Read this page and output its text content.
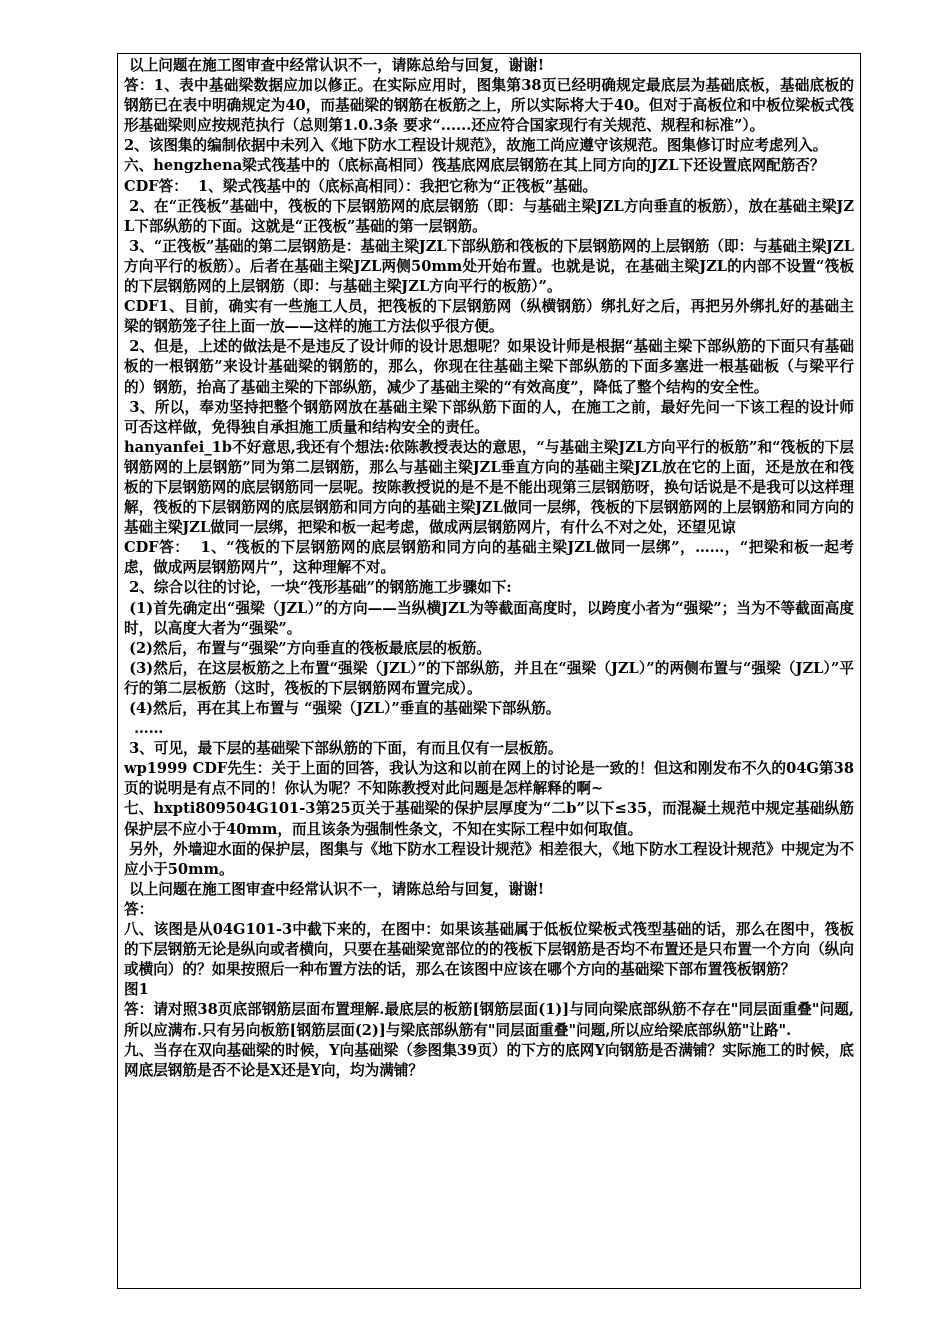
以上问题在施工图审查中经常认识不一，请陈总给与回复，谢谢!

答：1、表中基础梁数据应加以修正。在实际应用时，图集第38页已经明确规定最底层为基础底板，基础底板的钢筋已在表中明确规定为40，而基础梁的钢筋在板筋之上，所以实际将大于40。但对于高板位和中板位梁板式筏形基础梁则应按规范执行（总则第1.0.3条 要求“......还应符合国家现行有关规范、规程和标准”）。

2、该图集的编制依据中未列入《地下防水工程设计规范》，故施工尚应遵守该规范。图集修订时应考虑列入。

六、hengzhena梁式筏基中的（底标高相同）筏基底网底层钢筋在其上同方向的JZL下还设置底网配筋否？

CDF答：  1、梁式筏基中的（底标高相同）：我把它称为“正筏板”基础。

2、在“正筏板”基础中，筏板的下层钢筋网的底层钢筋（即：与基础主梁JZL方向垂直的板筋），放在基础主梁JZL下部纵筋的下面。这就是“正筏板”基础的第一层钢筋。

3、“正筏板”基础的第二层钢筋是：基础主梁JZL下部纵筋和筏板的下层钢筋网的上层钢筋（即：与基础主梁JZL方向平行的板筋）。后者在基础主梁JZL两侧50mm处开始布置。也就是说，在基础主梁JZL的内部不设置“筏板的下层钢筋网的上层钢筋（即：与基础主梁JZL方向平行的板筋）”。

CDF1、目前，确实有一些施工人员，把筏板的下层钢筋网（纵横钢筋）绑扎好之后，再把另外绑扎好的基础主梁的钢筋笼子往上面一放——这样的施工方法似乎很方便。

2、但是，上述的做法是不是违反了设计师的设计思想呢？如果设计师是根据“基础主梁下部纵筋的下面只有基础板的一根钢筋”来设计基础梁的钢筋的，那么，你现在往基础主梁下部纵筋的下面多塞进一根基础板（与梁平行的）钢筋，抬高了基础主梁的下部纵筋，减少了基础主梁的“有效高度”，降低了整个结构的安全性。

3、所以，奉劝坚持把整个钢筋网放在基础主梁下部纵筋下面的人，在施工之前，最好先问一下该工程的设计师可否这样做，免得独自承担施工质量和结构安全的责任。

hanyanfei_1b不好意思,我还有个想法:依陈教授表达的意思，“与基础主梁JZL方向平行的板筋”和“筏板的下层钢筋网的上层钢筋”同为第二层钢筋，那么与基础主梁JZL垂直方向的基础主梁JZL放在它的上面，还是放在和筏板的下层钢筋网的底层钢筋同一层呢。按陈教授说的是不是不能出现第三层钢筋呀，换句话说是不是我可以这样理解，筏板的下层钢筋网的底层钢筋和同方向的基础主梁JZL做同一层绑，筏板的下层钢筋网的上层钢筋和同方向的基础主梁JZL做同一层绑，把梁和板一起考虑，做成两层钢筋网片，有什么不对之处，还望见谅

CDF答：  1、“筏板的下层钢筋网的底层钢筋和同方向的基础主梁JZL做同一层绑”，……，“把梁和板一起考虑，做成两层钢筋网片”，这种理解不对。

2、综合以往的讨论，一块“筏形基础”的钢筋施工步骤如下:

(1)首先确定出“强梁（JZL）”的方向——当纵横JZL为等截面高度时，以跨度小者为“强梁”；当为不等截面高度时，以高度大者为“强梁”。

(2)然后，布置与“强梁”方向垂直的筏板最底层的板筋。

(3)然后，在这层板筋之上布置“强梁（JZL）”的下部纵筋，并且在“强梁（JZL）”的两侧布置与“强梁（JZL）”平行的第二层板筋（这时，筏板的下层钢筋网布置完成）。

(4)然后，再在其上布置与 “强梁（JZL）”垂直的基础梁下部纵筋。

……

3、可见，最下层的基础梁下部纵筋的下面，有而且仅有一层板筋。

wp1999 CDF先生：关于上面的回答，我认为这和以前在网上的讨论是一致的！但这和刚发布不久的04G第38页的说明是有点不同的！你认为呢？不知陈教授对此问题是怎样解释的啊~

七、hxpti809504G101-3第25页关于基础梁的保护层厚度为“二b”以下≤35，而混凝土规范中规定基础纵筋保护层不应小于40mm，而且该条为强制性条文，不知在实际工程中如何取值。

另外，外墙迎水面的保护层，图集与《地下防水工程设计规范》相差很大，《地下防水工程设计规范》中规定为不应小于50mm。

以上问题在施工图审查中经常认识不一，请陈总给与回复，谢谢!

答：

八、该图是从04G101-3中截下来的，在图中：如果该基础属于低板位梁板式筏型基础的话，那么在图中，筏板的下层钢筋无论是纵向或者横向，只要在基础梁宽部位的的筏板下层钢筋是否均不布置还是只布置一个方向（纵向或横向）的？如果按照后一种布置方法的话，那么在该图中应该在哪个方向的基础梁下部布置筏板钢筋？

图1

答：请对照38页底部钢筋层面布置理解.最底层的板筋[钢筋层面(1)]与同向梁底部纵筋不存在"同层面重叠"问题,所以应满布.只有另向板筋[钢筋层面(2)]与梁底部纵筋有"同层面重叠"问题,所以应给梁底部纵筋"让路".

九、当存在双向基础梁的时候，Y向基础梁（参图集39页）的下方的底网Y向钢筋是否满铺？实际施工的时候，底网底层钢筋是否不论是X还是Y向，均为满铺？
